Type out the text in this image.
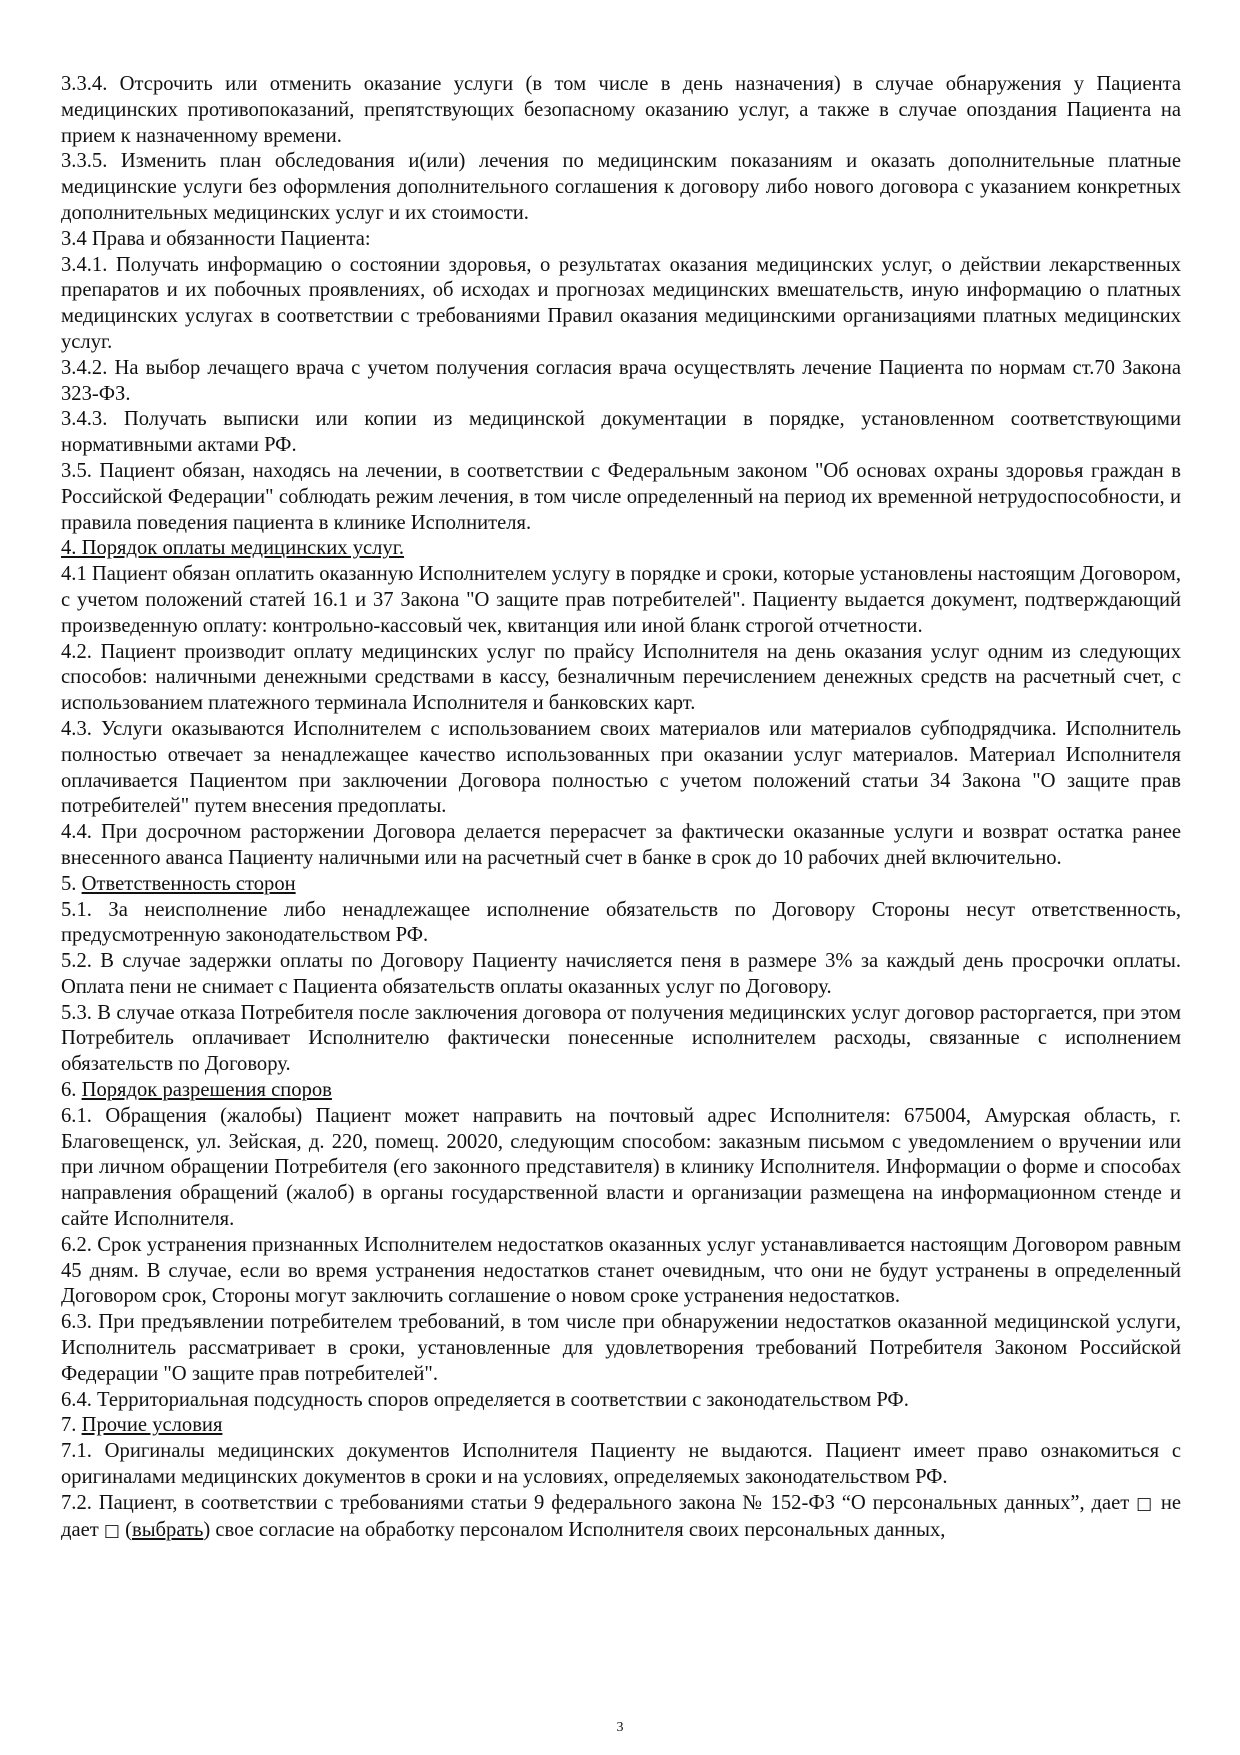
3.3.4. Отсрочить или отменить оказание услуги (в том числе в день назначения) в случае обнаружения у Пациента медицинских противопоказаний, препятствующих безопасному оказанию услуг, а также в случае опоздания Пациента на прием к назначенному времени.

3.3.5. Изменить план обследования и(или) лечения по медицинским показаниям и оказать дополнительные платные медицинские услуги без оформления дополнительного соглашения к договору либо нового договора с указанием конкретных дополнительных медицинских услуг и их стоимости.

3.4 Права и обязанности Пациента:

3.4.1. Получать информацию о состоянии здоровья, о результатах оказания медицинских услуг, о действии лекарственных препаратов и их побочных проявлениях, об исходах и прогнозах медицинских вмешательств, иную информацию о платных медицинских услугах в соответствии с требованиями Правил оказания медицинскими организациями платных медицинских услуг.

3.4.2. На выбор лечащего врача с учетом получения согласия врача осуществлять лечение Пациента по нормам ст.70 Закона 323-ФЗ.

3.4.3. Получать выписки или копии из медицинской документации в порядке, установленном соответствующими нормативными актами РФ.

3.5. Пациент обязан, находясь на лечении, в соответствии с Федеральным законом "Об основах охраны здоровья граждан в Российской Федерации" соблюдать режим лечения, в том числе определенный на период их временной нетрудоспособности, и правила поведения пациента в клинике Исполнителя.

4. Порядок оплаты медицинских услуг.

4.1 Пациент обязан оплатить оказанную Исполнителем услугу в порядке и сроки, которые установлены настоящим Договором, с учетом положений статей 16.1 и 37 Закона "О защите прав потребителей". Пациенту выдается документ, подтверждающий произведенную оплату: контрольно-кассовый чек, квитанция или иной бланк строгой отчетности.

4.2. Пациент производит оплату медицинских услуг по прайсу Исполнителя на день оказания услуг одним из следующих способов: наличными денежными средствами в кассу, безналичным перечислением денежных средств на расчетный счет, с использованием платежного терминала Исполнителя и банковских карт.

4.3. Услуги оказываются Исполнителем с использованием своих материалов или материалов субподрядчика. Исполнитель полностью отвечает за ненадлежащее качество использованных при оказании услуг материалов. Материал Исполнителя оплачивается Пациентом при заключении Договора полностью с учетом положений статьи 34 Закона "О защите прав потребителей" путем внесения предоплаты.

4.4. При досрочном расторжении Договора делается перерасчет за фактически оказанные услуги и возврат остатка ранее внесенного аванса Пациенту наличными или на расчетный счет в банке в срок до 10 рабочих дней включительно.

5. Ответственность сторон

5.1. За неисполнение либо ненадлежащее исполнение обязательств по Договору Стороны несут ответственность, предусмотренную законодательством РФ.

5.2. В случае задержки оплаты по Договору Пациенту начисляется пеня в размере 3% за каждый день просрочки оплаты. Оплата пени не снимает с Пациента обязательств оплаты оказанных услуг по Договору.

5.3. В случае отказа Потребителя после заключения договора от получения медицинских услуг договор расторгается, при этом Потребитель оплачивает Исполнителю фактически понесенные исполнителем расходы, связанные с исполнением обязательств по Договору.

6. Порядок разрешения споров

6.1. Обращения (жалобы) Пациент может направить на почтовый адрес Исполнителя: 675004, Амурская область, г. Благовещенск, ул. Зейская, д. 220, помещ. 20020, следующим способом: заказным письмом с уведомлением о вручении или при личном обращении Потребителя (его законного представителя) в клинику Исполнителя. Информации о форме и способах направления обращений (жалоб) в органы государственной власти и организации размещена на информационном стенде и сайте Исполнителя.

6.2. Срок устранения признанных Исполнителем недостатков оказанных услуг устанавливается настоящим Договором равным 45 дням. В случае, если во время устранения недостатков станет очевидным, что они не будут устранены в определенный Договором срок, Стороны могут заключить соглашение о новом сроке устранения недостатков.

6.3. При предъявлении потребителем требований, в том числе при обнаружении недостатков оказанной медицинской услуги, Исполнитель рассматривает в сроки, установленные для удовлетворения требований Потребителя Законом Российской Федерации "О защите прав потребителей".

6.4. Территориальная подсудность споров определяется в соответствии с законодательством РФ.

7. Прочие условия

7.1. Оригиналы медицинских документов Исполнителя Пациенту не выдаются. Пациент имеет право ознакомиться с оригиналами медицинских документов в сроки и на условиях, определяемых законодательством РФ.

7.2. Пациент, в соответствии с требованиями статьи 9 федерального закона № 152-ФЗ “О персональных данных”, дает □ не дает □ (выбрать) свое согласие на обработку персоналом Исполнителя своих персональных данных,

3
